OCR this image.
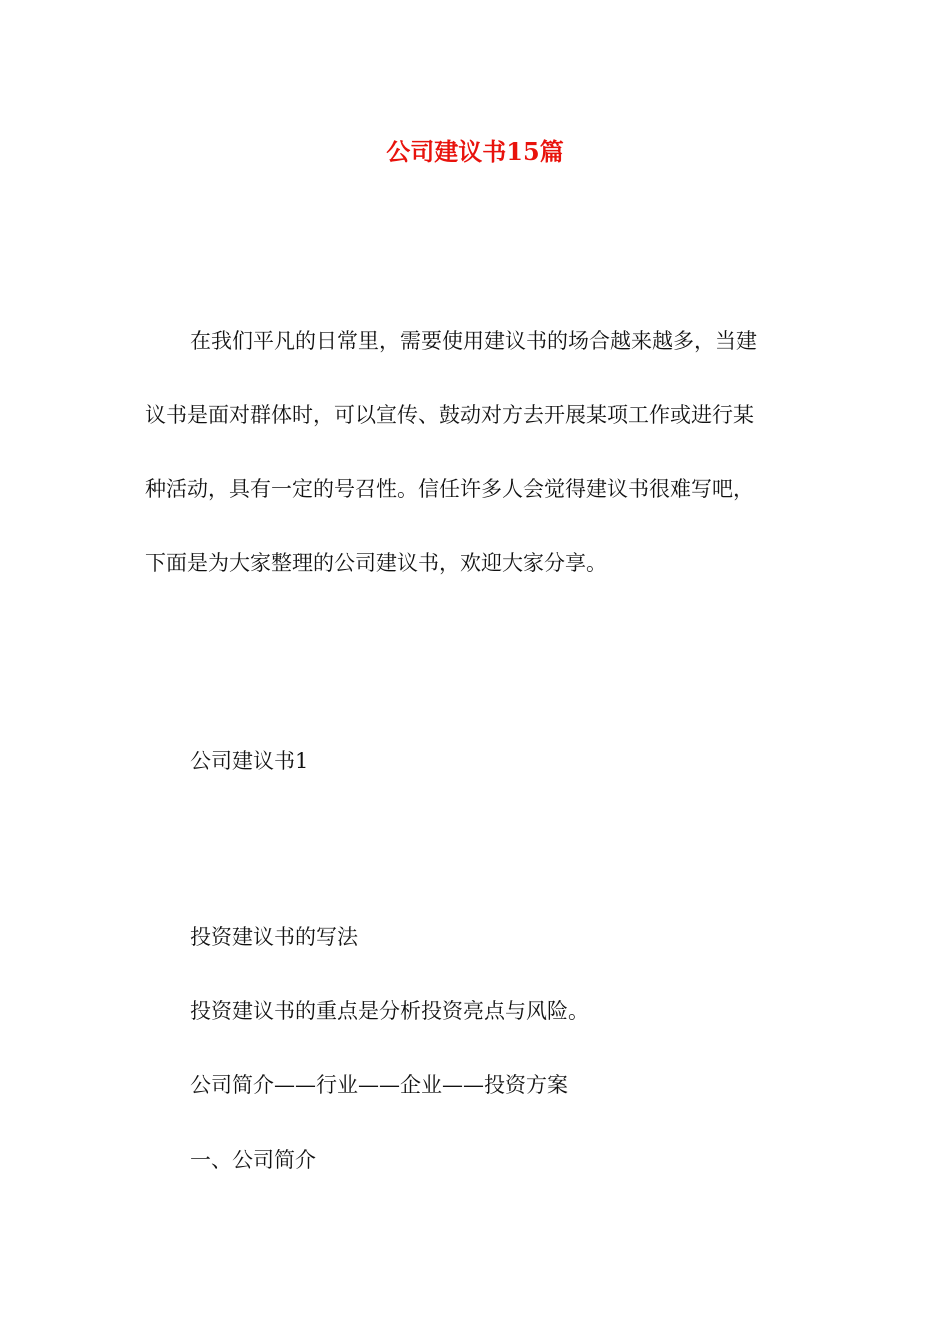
公司建议书15篇
在我们平凡的日常里，需要使用建议书的场合越来越多，当建
议书是面对群体时，可以宣传、鼓动对方去开展某项工作或进行某
种活动，具有一定的号召性。信任许多人会觉得建议书很难写吧，
下面是为大家整理的公司建议书，欢迎大家分享。
公司建议书1
投资建议书的写法
投资建议书的重点是分析投资亮点与风险。
公司简介——行业——企业——投资方案
一、公司简介
